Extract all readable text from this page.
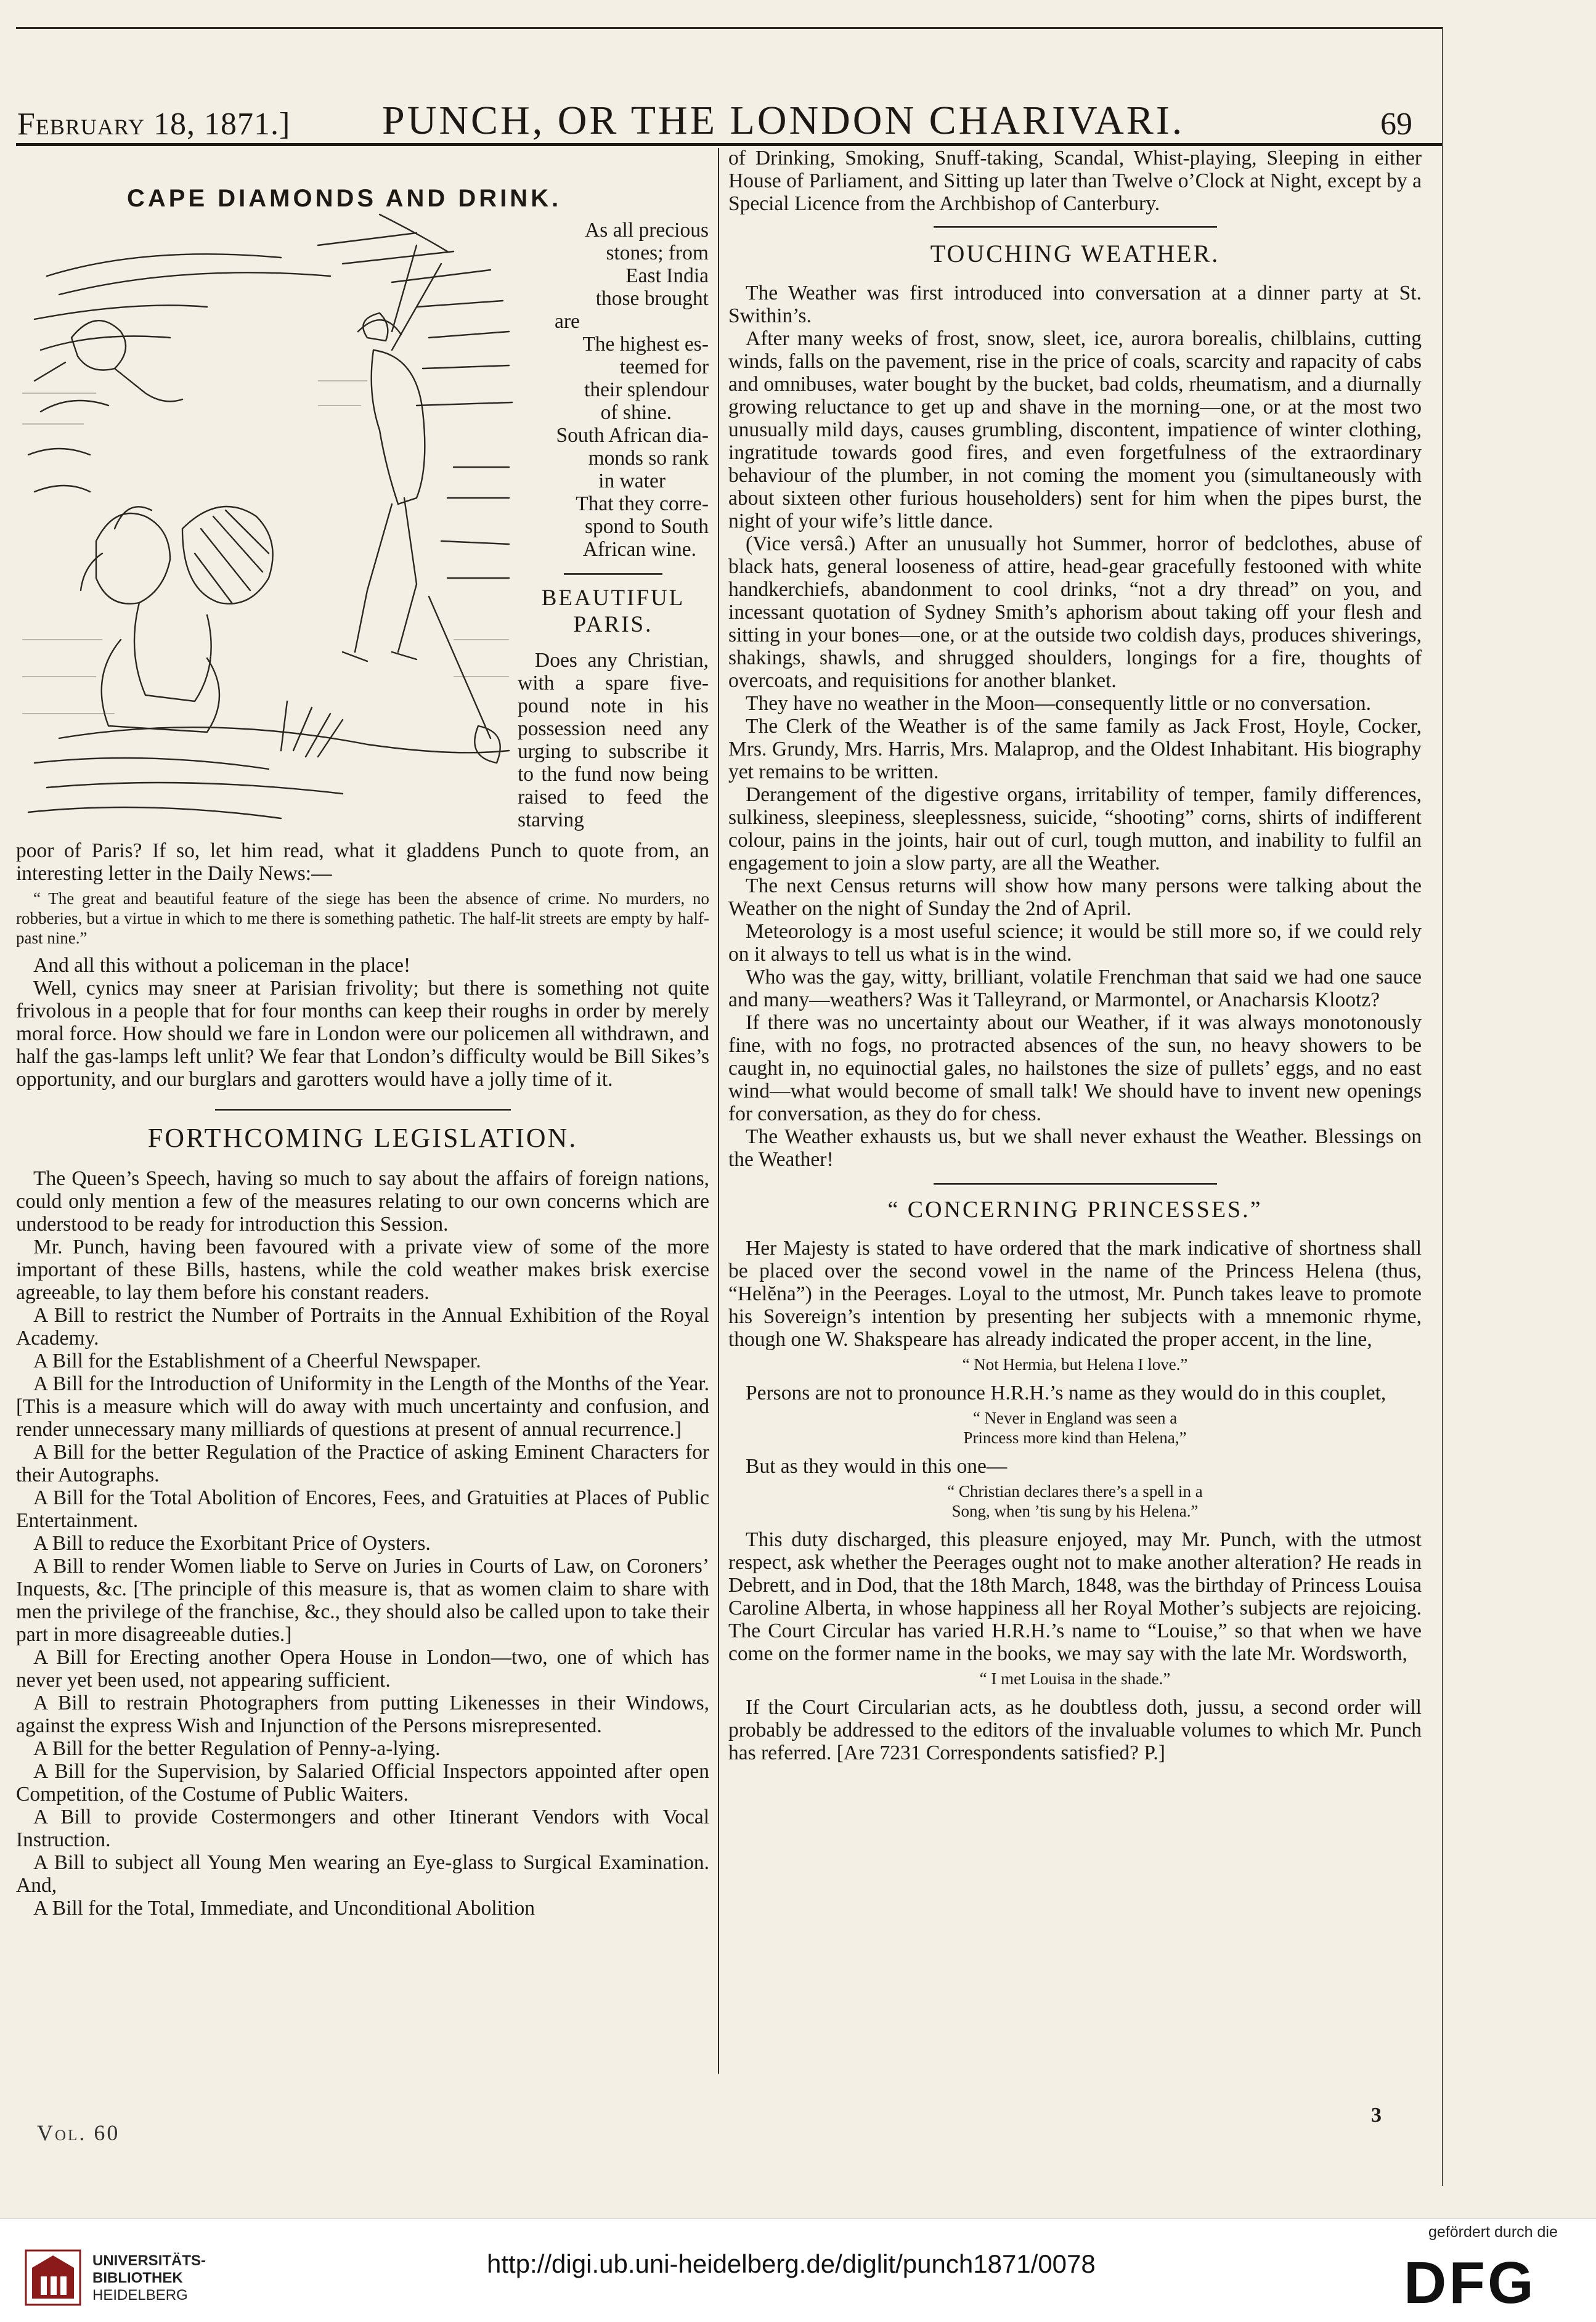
February 18, 1871.] PUNCH, OR THE LONDON CHARIVARI.	69
CAPE DIAMONDS AND DRINK.

As all precious

stones; from

East India

those brought

are

The highest es-

teemed for

their splendour

of shine.

South African dia-

monds so rank

in water

That they corre-

spond to South

African wine.

BEAUTIFUL PARIS.

Does any Christian, with a spare five-pound note in his possession need any urging to subscribe it to the fund now being raised to feed the starving

poor of Paris? If so, let him read, what it gladdens Punch to quote from, an interesting letter in the Daily News:—

“ The great and beautiful feature of the siege has been the absence of crime. No murders, no robberies, but a virtue in which to me there is something pathetic. The half-lit streets are empty by half-past nine.”

And all this without a policeman in the place!

Well, cynics may sneer at Parisian frivolity; but there is something not quite frivolous in a people that for four months can keep their roughs in order by merely moral force. How should we fare in London were our policemen all withdrawn, and half the gas-lamps left unlit? We fear that London’s difficulty would be Bill Sikes’s opportunity, and our burglars and garotters would have a jolly time of it.

FORTHCOMING LEGISLATION.

The Queen’s Speech, having so much to say about the affairs of foreign nations, could only mention a few of the measures relating to our own concerns which are understood to be ready for introduction this Session.

Mr. Punch, having been favoured with a private view of some of the more important of these Bills, hastens, while the cold weather makes brisk exercise agreeable, to lay them before his constant readers.

A Bill to restrict the Number of Portraits in the Annual Exhibition of the Royal Academy.

A Bill for the Establishment of a Cheerful Newspaper.

A Bill for the Introduction of Uniformity in the Length of the Months of the Year. [This is a measure which will do away with much uncertainty and confusion, and render unnecessary many milliards of questions at present of annual recurrence.]

A Bill for the better Regulation of the Practice of asking Eminent Characters for their Autographs.

A Bill for the Total Abolition of Encores, Fees, and Gratuities at Places of Public Entertainment.

A Bill to reduce the Exorbitant Price of Oysters.

A Bill to render Women liable to Serve on Juries in Courts of Law, on Coroners’ Inquests, &c. [The principle of this measure is, that as women claim to share with men the privilege of the franchise, &c., they should also be called upon to take their part in more disagreeable duties.]

A Bill for Erecting another Opera House in London—two, one of which has never yet been used, not appearing sufficient.

A Bill to restrain Photographers from putting Likenesses in their Windows, against the express Wish and Injunction of the Persons misrepresented.

A Bill for the better Regulation of Penny-a-lying.

A Bill for the Supervision, by Salaried Official Inspectors appointed after open Competition, of the Costume of Public Waiters.

A Bill to provide Costermongers and other Itinerant Vendors with Vocal Instruction.

A Bill to subject all Young Men wearing an Eye-glass to Surgical Examination. And,

A Bill for the Total, Immediate, and Unconditional Abolition

of Drinking, Smoking, Snuff-taking, Scandal, Whist-playing, Sleeping in either House of Parliament, and Sitting up later than Twelve o’Clock at Night, except by a Special Licence from the Archbishop of Canterbury.

TOUCHING WEATHER.

The Weather was first introduced into conversation at a dinner party at St. Swithin’s.

After many weeks of frost, snow, sleet, ice, aurora borealis, chilblains, cutting winds, falls on the pavement, rise in the price of coals, scarcity and rapacity of cabs and omnibuses, water bought by the bucket, bad colds, rheumatism, and a diurnally growing reluctance to get up and shave in the morning—one, or at the most two unusually mild days, causes grumbling, discontent, impatience of winter clothing, ingratitude towards good fires, and even forgetfulness of the extraordinary behaviour of the plumber, in not coming the moment you (simultaneously with about sixteen other furious householders) sent for him when the pipes burst, the night of your wife’s little dance.

(Vice versâ.) After an unusually hot Summer, horror of bedclothes, abuse of black hats, general looseness of attire, head-gear gracefully festooned with white handkerchiefs, abandonment to cool drinks, “not a dry thread” on you, and incessant quotation of Sydney Smith’s aphorism about taking off your flesh and sitting in your bones—one, or at the outside two coldish days, produces shiverings, shakings, shawls, and shrugged shoulders, longings for a fire, thoughts of overcoats, and requisitions for another blanket.

They have no weather in the Moon—consequently little or no conversation.

The Clerk of the Weather is of the same family as Jack Frost, Hoyle, Cocker, Mrs. Grundy, Mrs. Harris, Mrs. Malaprop, and the Oldest Inhabitant. His biography yet remains to be written.

Derangement of the digestive organs, irritability of temper, family differences, sulkiness, sleepiness, sleeplessness, suicide, “shooting” corns, shirts of indifferent colour, pains in the joints, hair out of curl, tough mutton, and inability to fulfil an engagement to join a slow party, are all the Weather.

The next Census returns will show how many persons were talking about the Weather on the night of Sunday the 2nd of April.

Meteorology is a most useful science; it would be still more so, if we could rely on it always to tell us what is in the wind.

Who was the gay, witty, brilliant, volatile Frenchman that said we had one sauce and many—weathers? Was it Talleyrand, or Marmontel, or Anacharsis Klootz?

If there was no uncertainty about our Weather, if it was always monotonously fine, with no fogs, no protracted absences of the sun, no heavy showers to be caught in, no equinoctial gales, no hailstones the size of pullets’ eggs, and no east wind—what would become of small talk! We should have to invent new openings for conversation, as they do for chess.

The Weather exhausts us, but we shall never exhaust the Weather. Blessings on the Weather!

“ CONCERNING PRINCESSES.”

Her Majesty is stated to have ordered that the mark indicative of shortness shall be placed over the second vowel in the name of the Princess Helena (thus, “Helĕna”) in the Peerages. Loyal to the utmost, Mr. Punch takes leave to promote his Sovereign’s intention by presenting her subjects with a mnemonic rhyme, though one W. Shakspeare has already indicated the proper accent, in the line,

“ Not Hermia, but Helena I love.”

Persons are not to pronounce H.R.H.’s name as they would do in this couplet,

“ Never in England was seen a

Princess more kind than Helena,”

But as they would in this one—

“ Christian declares there’s a spell in a

Song, when ’tis sung by his Helena.”

This duty discharged, this pleasure enjoyed, may Mr. Punch, with the utmost respect, ask whether the Peerages ought not to make another alteration? He reads in Debrett, and in Dod, that the 18th March, 1848, was the birthday of Princess Louisa Caroline Alberta, in whose happiness all her Royal Mother’s subjects are rejoicing. The Court Circular has varied H.R.H.’s name to “Louise,” so that when we have come on the former name in the books, we may say with the late Mr. Wordsworth,

“ I met Louisa in the shade.”

If the Court Circularian acts, as he doubtless doth, jussu, a second order will probably be addressed to the editors of the invaluable volumes to which Mr. Punch has referred. [Are 7231 Correspondents satisfied? P.]

Vol. 60
3
UNIVERSITÄTS-
BIBLIOTHEK
HEIDELBERG
http://digi.ub.uni-heidelberg.de/diglit/punch1871/0078
gefördert durch die
DFG
